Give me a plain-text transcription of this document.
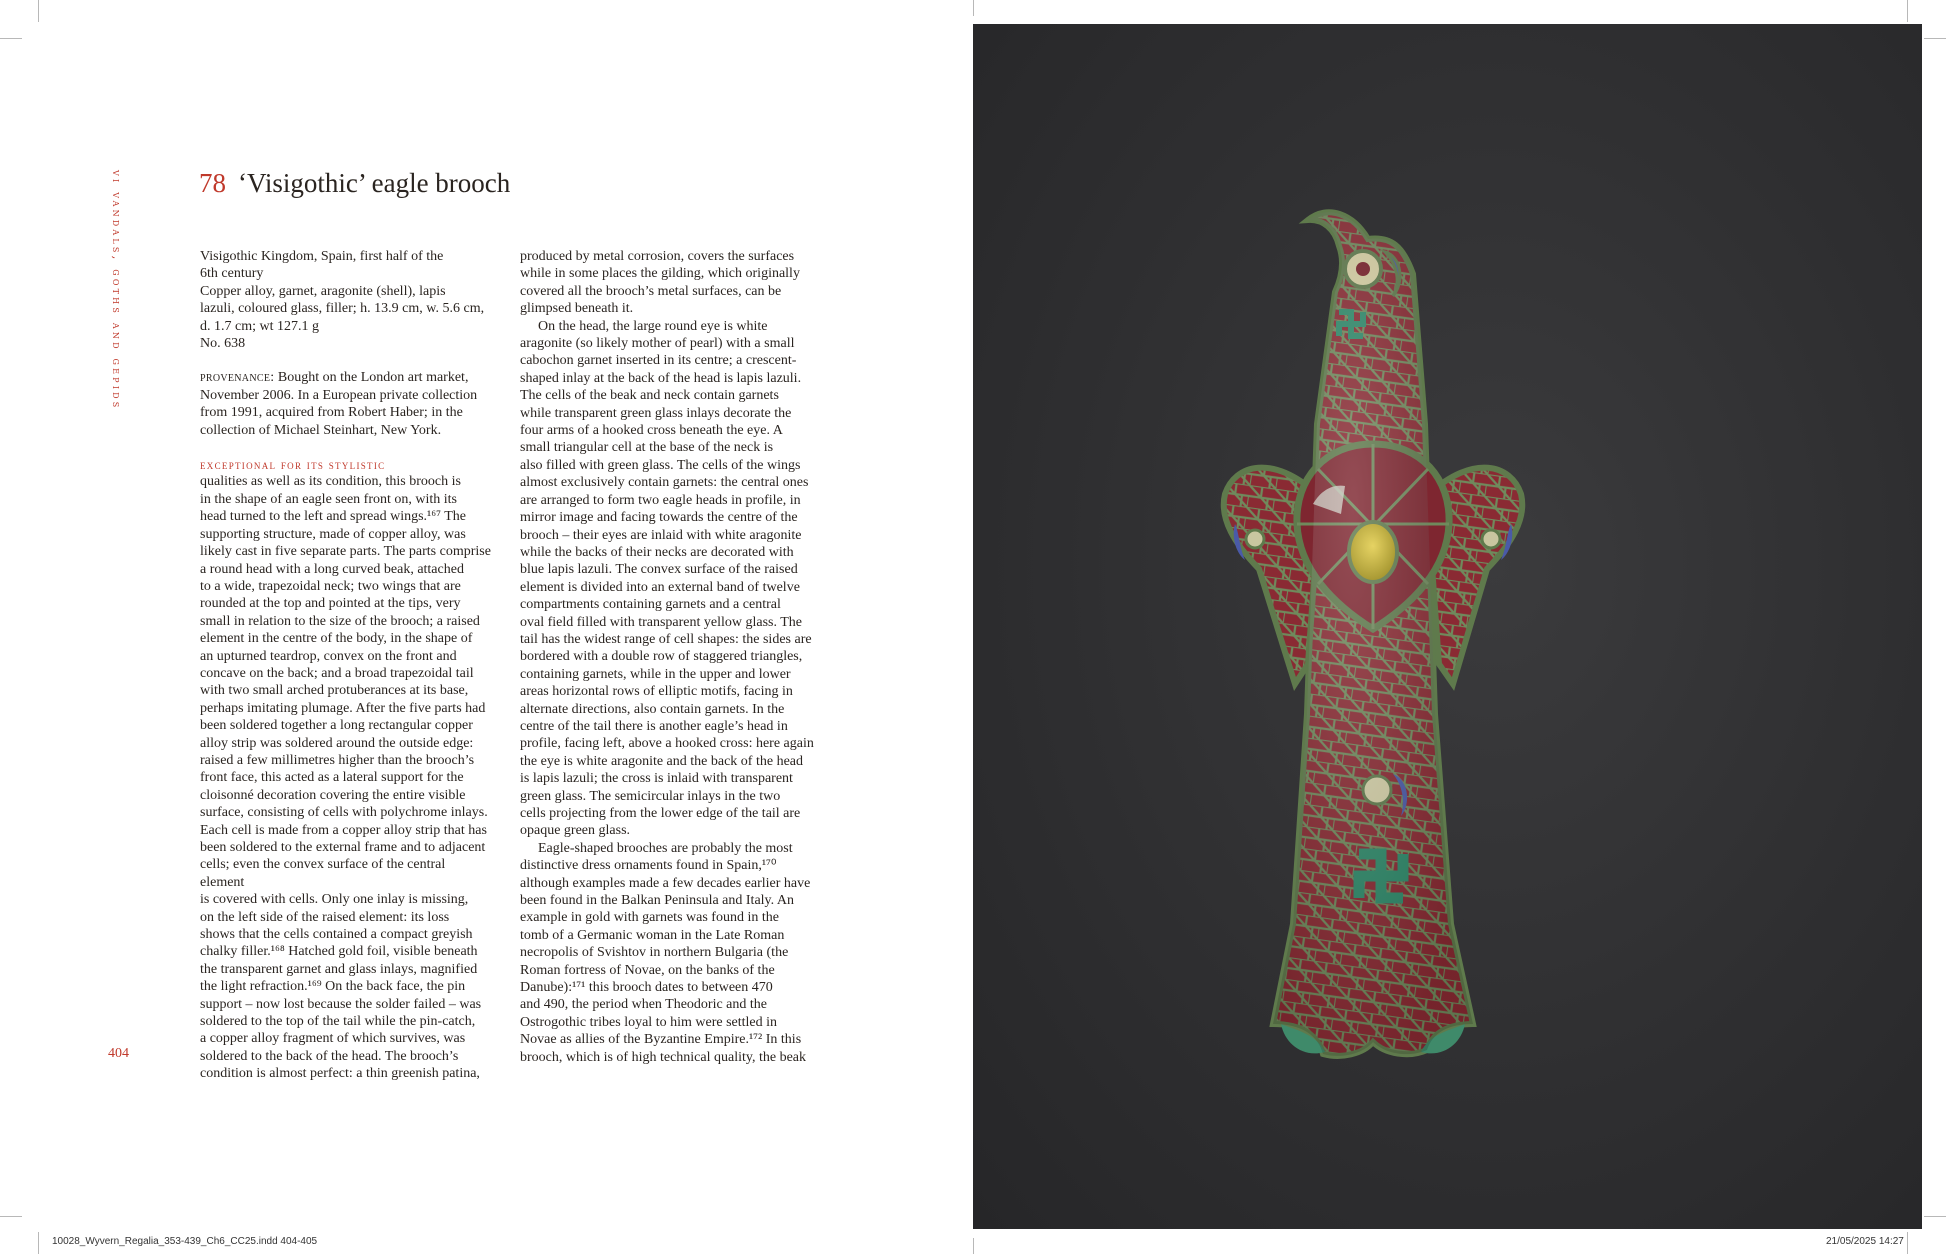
vi vandals, goths and gepids	78 ‘Visigothic’ eagle brooch
Visigothic Kingdom, Spain, first half of the
6th century
Copper alloy, garnet, aragonite (shell), lapis
lazuli, coloured glass, filler; h. 13.9 cm, w. 5.6 cm,
d. 1.7 cm; wt 127.1 g
No. 638
provenance: Bought on the London art market,
November 2006. In a European private collection
from 1991, acquired from Robert Haber; in the
collection of Michael Steinhart, New York.
exceptional for its stylistic
qualities as well as its condition, this brooch is
in the shape of an eagle seen front on, with its
head turned to the left and spread wings.¹⁶⁷ The
supporting structure, made of copper alloy, was
likely cast in five separate parts. The parts comprise
a round head with a long curved beak, attached
to a wide, trapezoidal neck; two wings that are
rounded at the top and pointed at the tips, very
small in relation to the size of the brooch; a raised
element in the centre of the body, in the shape of
an upturned teardrop, convex on the front and
concave on the back; and a broad trapezoidal tail
with two small arched protuberances at its base,
perhaps imitating plumage. After the five parts had
been soldered together a long rectangular copper
alloy strip was soldered around the outside edge:
raised a few millimetres higher than the brooch’s
front face, this acted as a lateral support for the
cloisonné decoration covering the entire visible
surface, consisting of cells with polychrome inlays.
Each cell is made from a copper alloy strip that has
been soldered to the external frame and to adjacent
cells; even the convex surface of the central element
is covered with cells. Only one inlay is missing,
on the left side of the raised element: its loss
shows that the cells contained a compact greyish
chalky filler.¹⁶⁸ Hatched gold foil, visible beneath
the transparent garnet and glass inlays, magnified
the light refraction.¹⁶⁹ On the back face, the pin
support – now lost because the solder failed – was
soldered to the top of the tail while the pin-catch,
a copper alloy fragment of which survives, was
soldered to the back of the head. The brooch’s
condition is almost perfect: a thin greenish patina,
produced by metal corrosion, covers the surfaces
while in some places the gilding, which originally
covered all the brooch’s metal surfaces, can be
glimpsed beneath it.
On the head, the large round eye is white
aragonite (so likely mother of pearl) with a small
cabochon garnet inserted in its centre; a crescent-
shaped inlay at the back of the head is lapis lazuli.
The cells of the beak and neck contain garnets
while transparent green glass inlays decorate the
four arms of a hooked cross beneath the eye. A
small triangular cell at the base of the neck is
also filled with green glass. The cells of the wings
almost exclusively contain garnets: the central ones
are arranged to form two eagle heads in profile, in
mirror image and facing towards the centre of the
brooch – their eyes are inlaid with white aragonite
while the backs of their necks are decorated with
blue lapis lazuli. The convex surface of the raised
element is divided into an external band of twelve
compartments containing garnets and a central
oval field filled with transparent yellow glass. The
tail has the widest range of cell shapes: the sides are
bordered with a double row of staggered triangles,
containing garnets, while in the upper and lower
areas horizontal rows of elliptic motifs, facing in
alternate directions, also contain garnets. In the
centre of the tail there is another eagle’s head in
profile, facing left, above a hooked cross: here again
the eye is white aragonite and the back of the head
is lapis lazuli; the cross is inlaid with transparent
green glass. The semicircular inlays in the two
cells projecting from the lower edge of the tail are
opaque green glass.
Eagle-shaped brooches are probably the most
distinctive dress ornaments found in Spain,¹⁷⁰
although examples made a few decades earlier have
been found in the Balkan Peninsula and Italy. An
example in gold with garnets was found in the
tomb of a Germanic woman in the Late Roman
necropolis of Svishtov in northern Bulgaria (the
Roman fortress of Novae, on the banks of the
Danube):¹⁷¹ this brooch dates to between 470
and 490, the period when Theodoric and the
Ostrogothic tribes loyal to him were settled in
Novae as allies of the Byzantine Empire.¹⁷² In this
brooch, which is of high technical quality, the beak
404
10028_Wyvern_Regalia_353-439_Ch6_CC25.indd 404-405	21/05/2025 14:27
